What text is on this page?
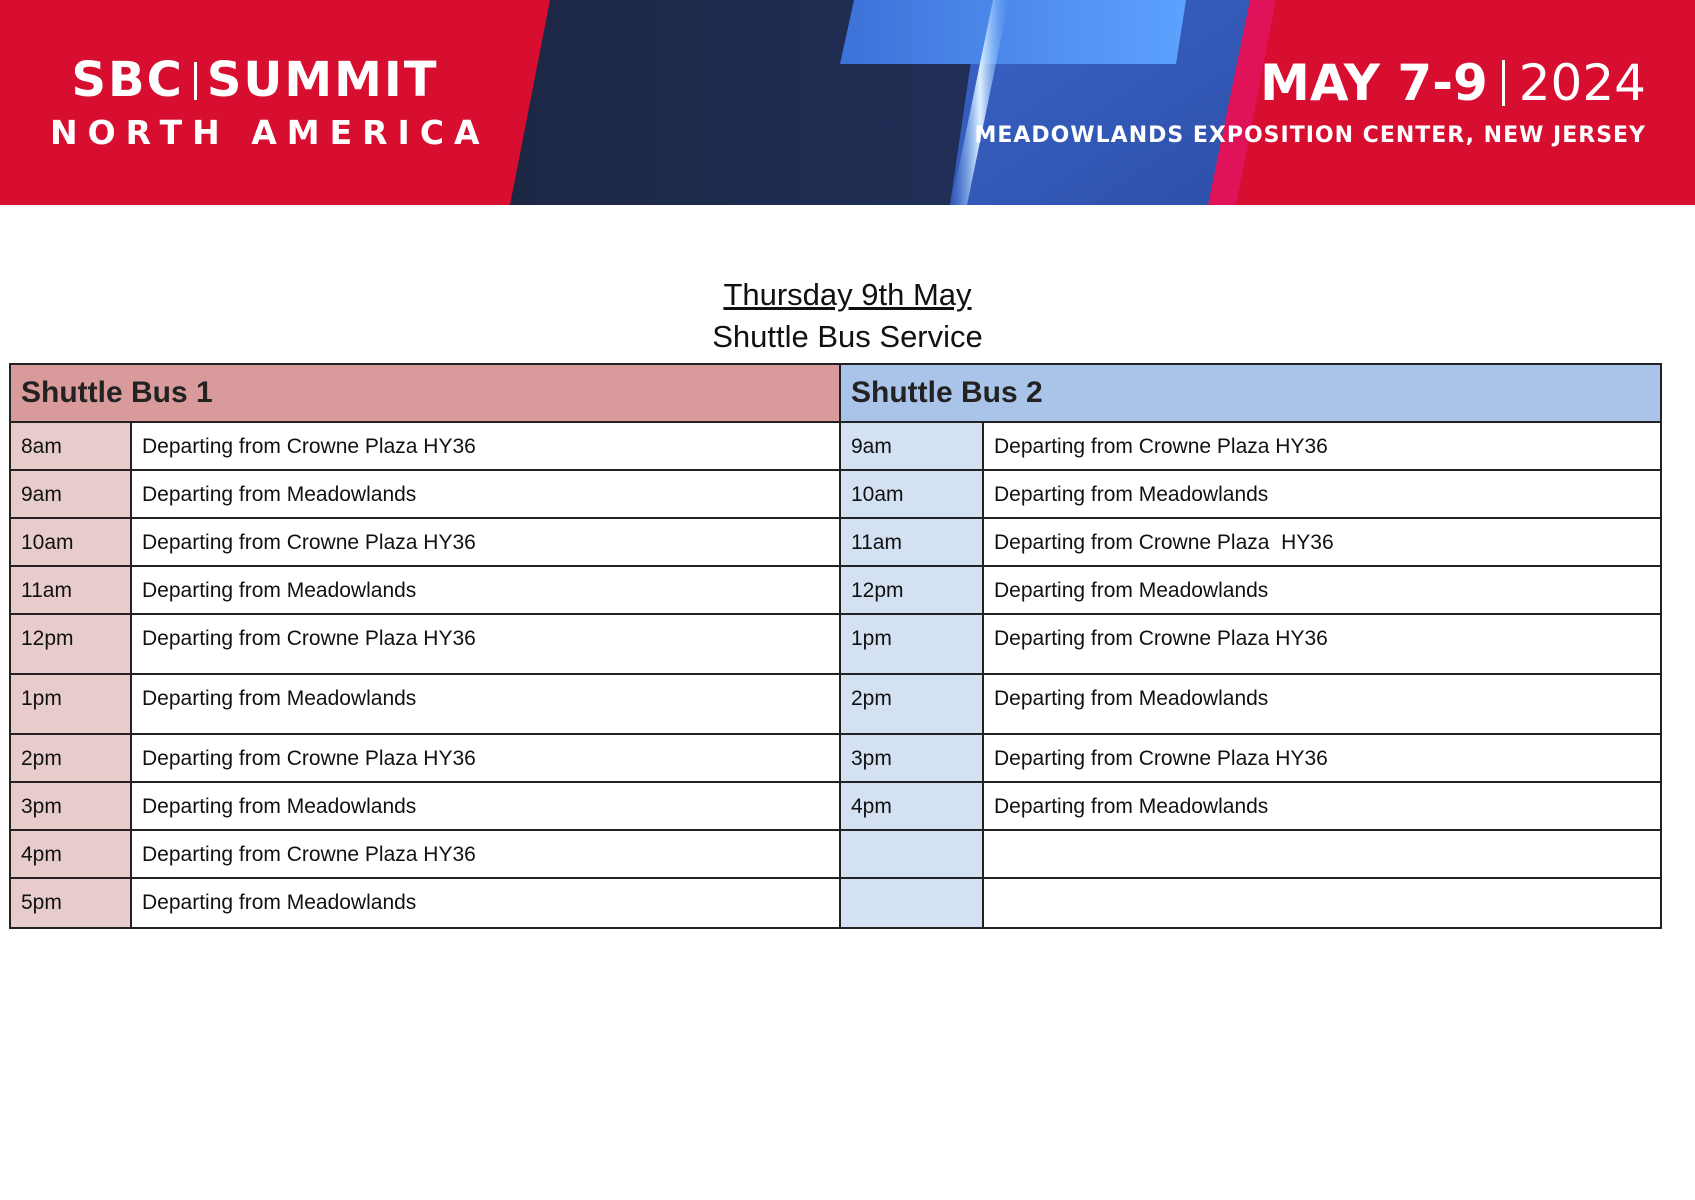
SBC SUMMIT
NORTH AMERICA
MAY 7-9 2024
MEADOWLANDS EXPOSITION CENTER, NEW JERSEY
Thursday 9th May
Shuttle Bus Service
Shuttle Bus 1
8am	Departing from Crowne Plaza HY36
9am	Departing from Meadowlands
10am	Departing from Crowne Plaza HY36
11am	Departing from Meadowlands
12pm	Departing from Crowne Plaza HY36
1pm	Departing from Meadowlands
2pm	Departing from Crowne Plaza HY36
3pm	Departing from Meadowlands
4pm	Departing from Crowne Plaza HY36
5pm	Departing from Meadowlands
Shuttle Bus 2
9am	Departing from Crowne Plaza HY36
10am	Departing from Meadowlands
11am	Departing from Crowne Plaza  HY36
12pm	Departing from Meadowlands
1pm	Departing from Crowne Plaza HY36
2pm	Departing from Meadowlands
3pm	Departing from Crowne Plaza HY36
4pm	Departing from Meadowlands
